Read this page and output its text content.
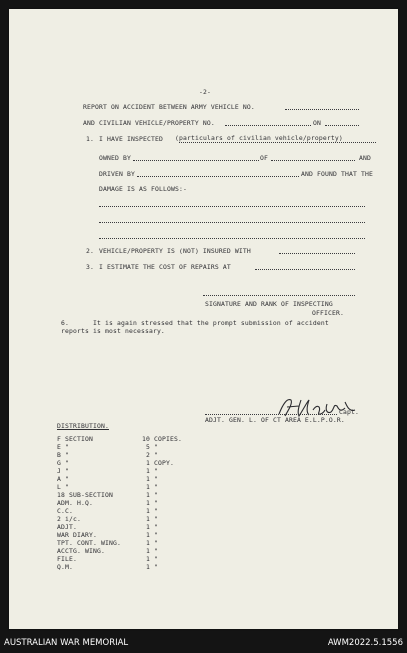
-2-
REPORT ON ACCIDENT BETWEEN ARMY VEHICLE NO.
AND CIVILIAN VEHICLE/PROPERTY NO.	ON
1. I HAVE INSPECTED (particulars of civilian vehicle/property)
OWNED BY	OF	AND
DRIVEN BY	AND FOUND THAT THE
DAMAGE IS AS FOLLOWS:-
2. VEHICLE/PROPERTY IS (NOT) INSURED WITH
3. I ESTIMATE THE COST OF REPAIRS AT
SIGNATURE AND RANK OF INSPECTING
OFFICER.
6.	It is again stressed that the prompt submission of accident
reports is most necessary.
Capt.
ADJT. GEN. L. OF CT AREA E.L.P.O.R.
DISTRIBUTION.
F SECTION	10 COPIES.
E "	5 "
B "	2 "
G "	1 COPY.
J "	1 "
A "	1 "
L "	1 "
18 SUB-SECTION	1 "
ADM. H.Q.	1 "
C.C.	1 "
2 i/c.	1 "
ADJT.	1 "
WAR DIARY.	1 "
TPT. CONT. WING.	1 "
ACCTG. WING.	1 "
FILE.	1 "
Q.M.	1 "
AUSTRALIAN WAR MEMORIAL	AWM2022.5.1556
